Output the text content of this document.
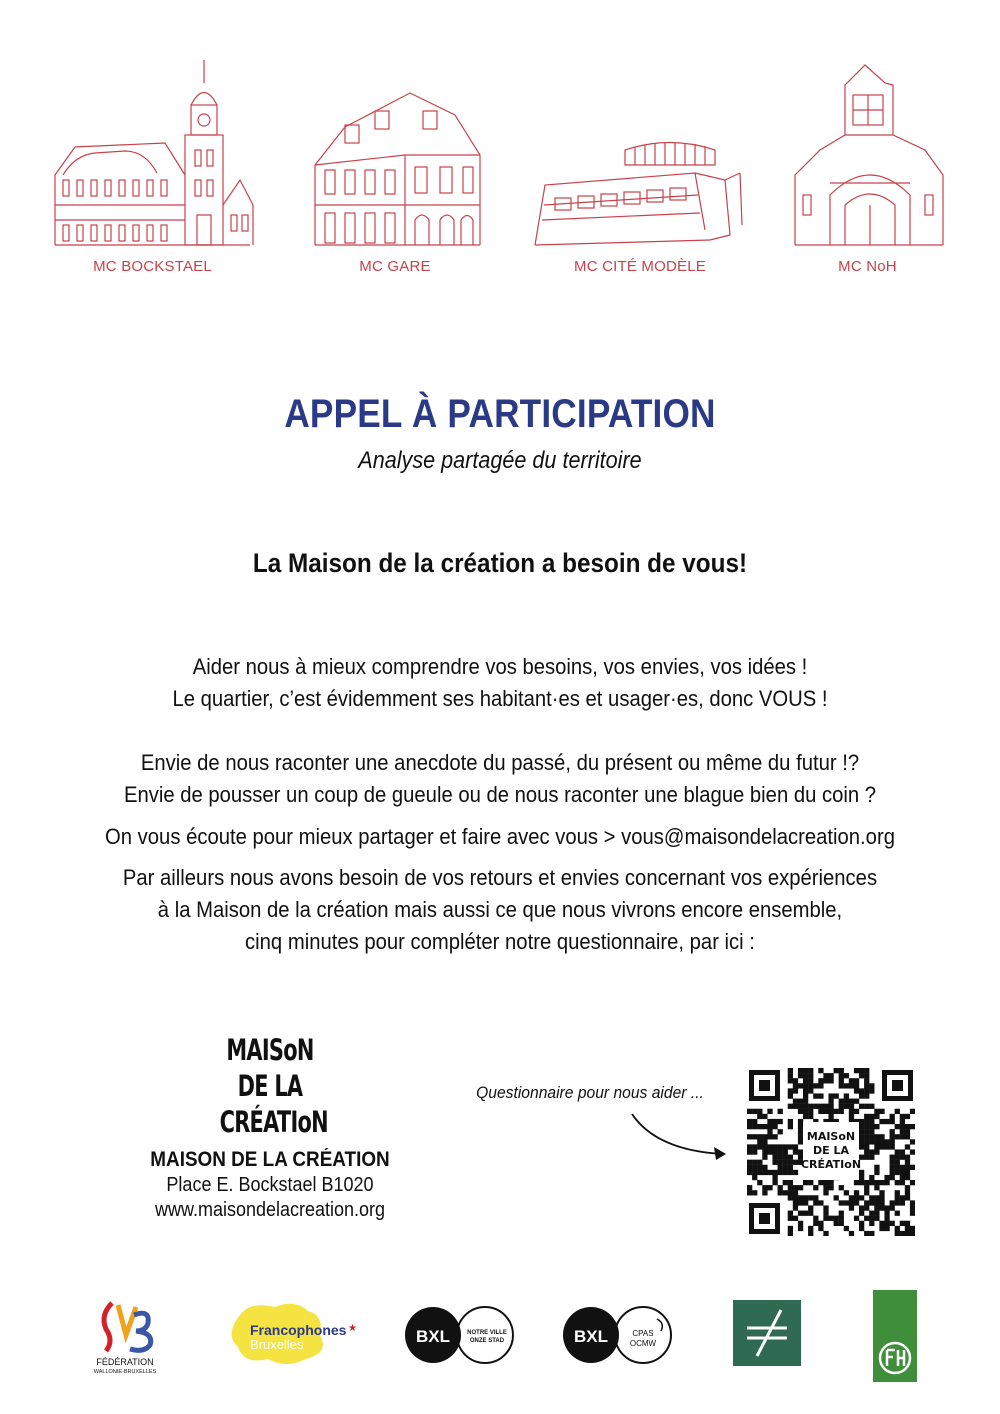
MC BOCKSTAEL	MC GARE	MC CITÉ MODÈLE	MC NoH
APPEL À PARTICIPATION
Analyse partagée du territoire
La Maison de la création a besoin de vous!
Aider nous à mieux comprendre vos besoins, vos envies, vos idées !
Le quartier, c’est évidemment ses habitant·es et usager·es, donc VOUS !
Envie de nous raconter une anecdote du passé, du présent ou même du futur !?
Envie de pousser un coup de gueule ou de nous raconter une blague bien du coin ?
On vous écoute pour mieux partager et faire avec vous > vous@maisondelacreation.org
Par ailleurs nous avons besoin de vos retours et envies concernant vos expériences
à la Maison de la création mais aussi ce que nous vivrons encore ensemble,
cinq minutes pour compléter notre questionnaire, par ici :
MAISoN
DE LA
CRÉATIoN
MAISON DE LA CRÉATION
Place E. Bockstael B1020
www.maisondelacreation.org
Questionnaire pour nous aider ...
MAISoN
DE LA
CRÉATIoN
FÉDÉRATION
WALLONIE-BRUXELLES
Francophones
Bruxelles
★	BXL	NOTRE VILLE
ONZE STAD	BXL	CPAS
OCMW
